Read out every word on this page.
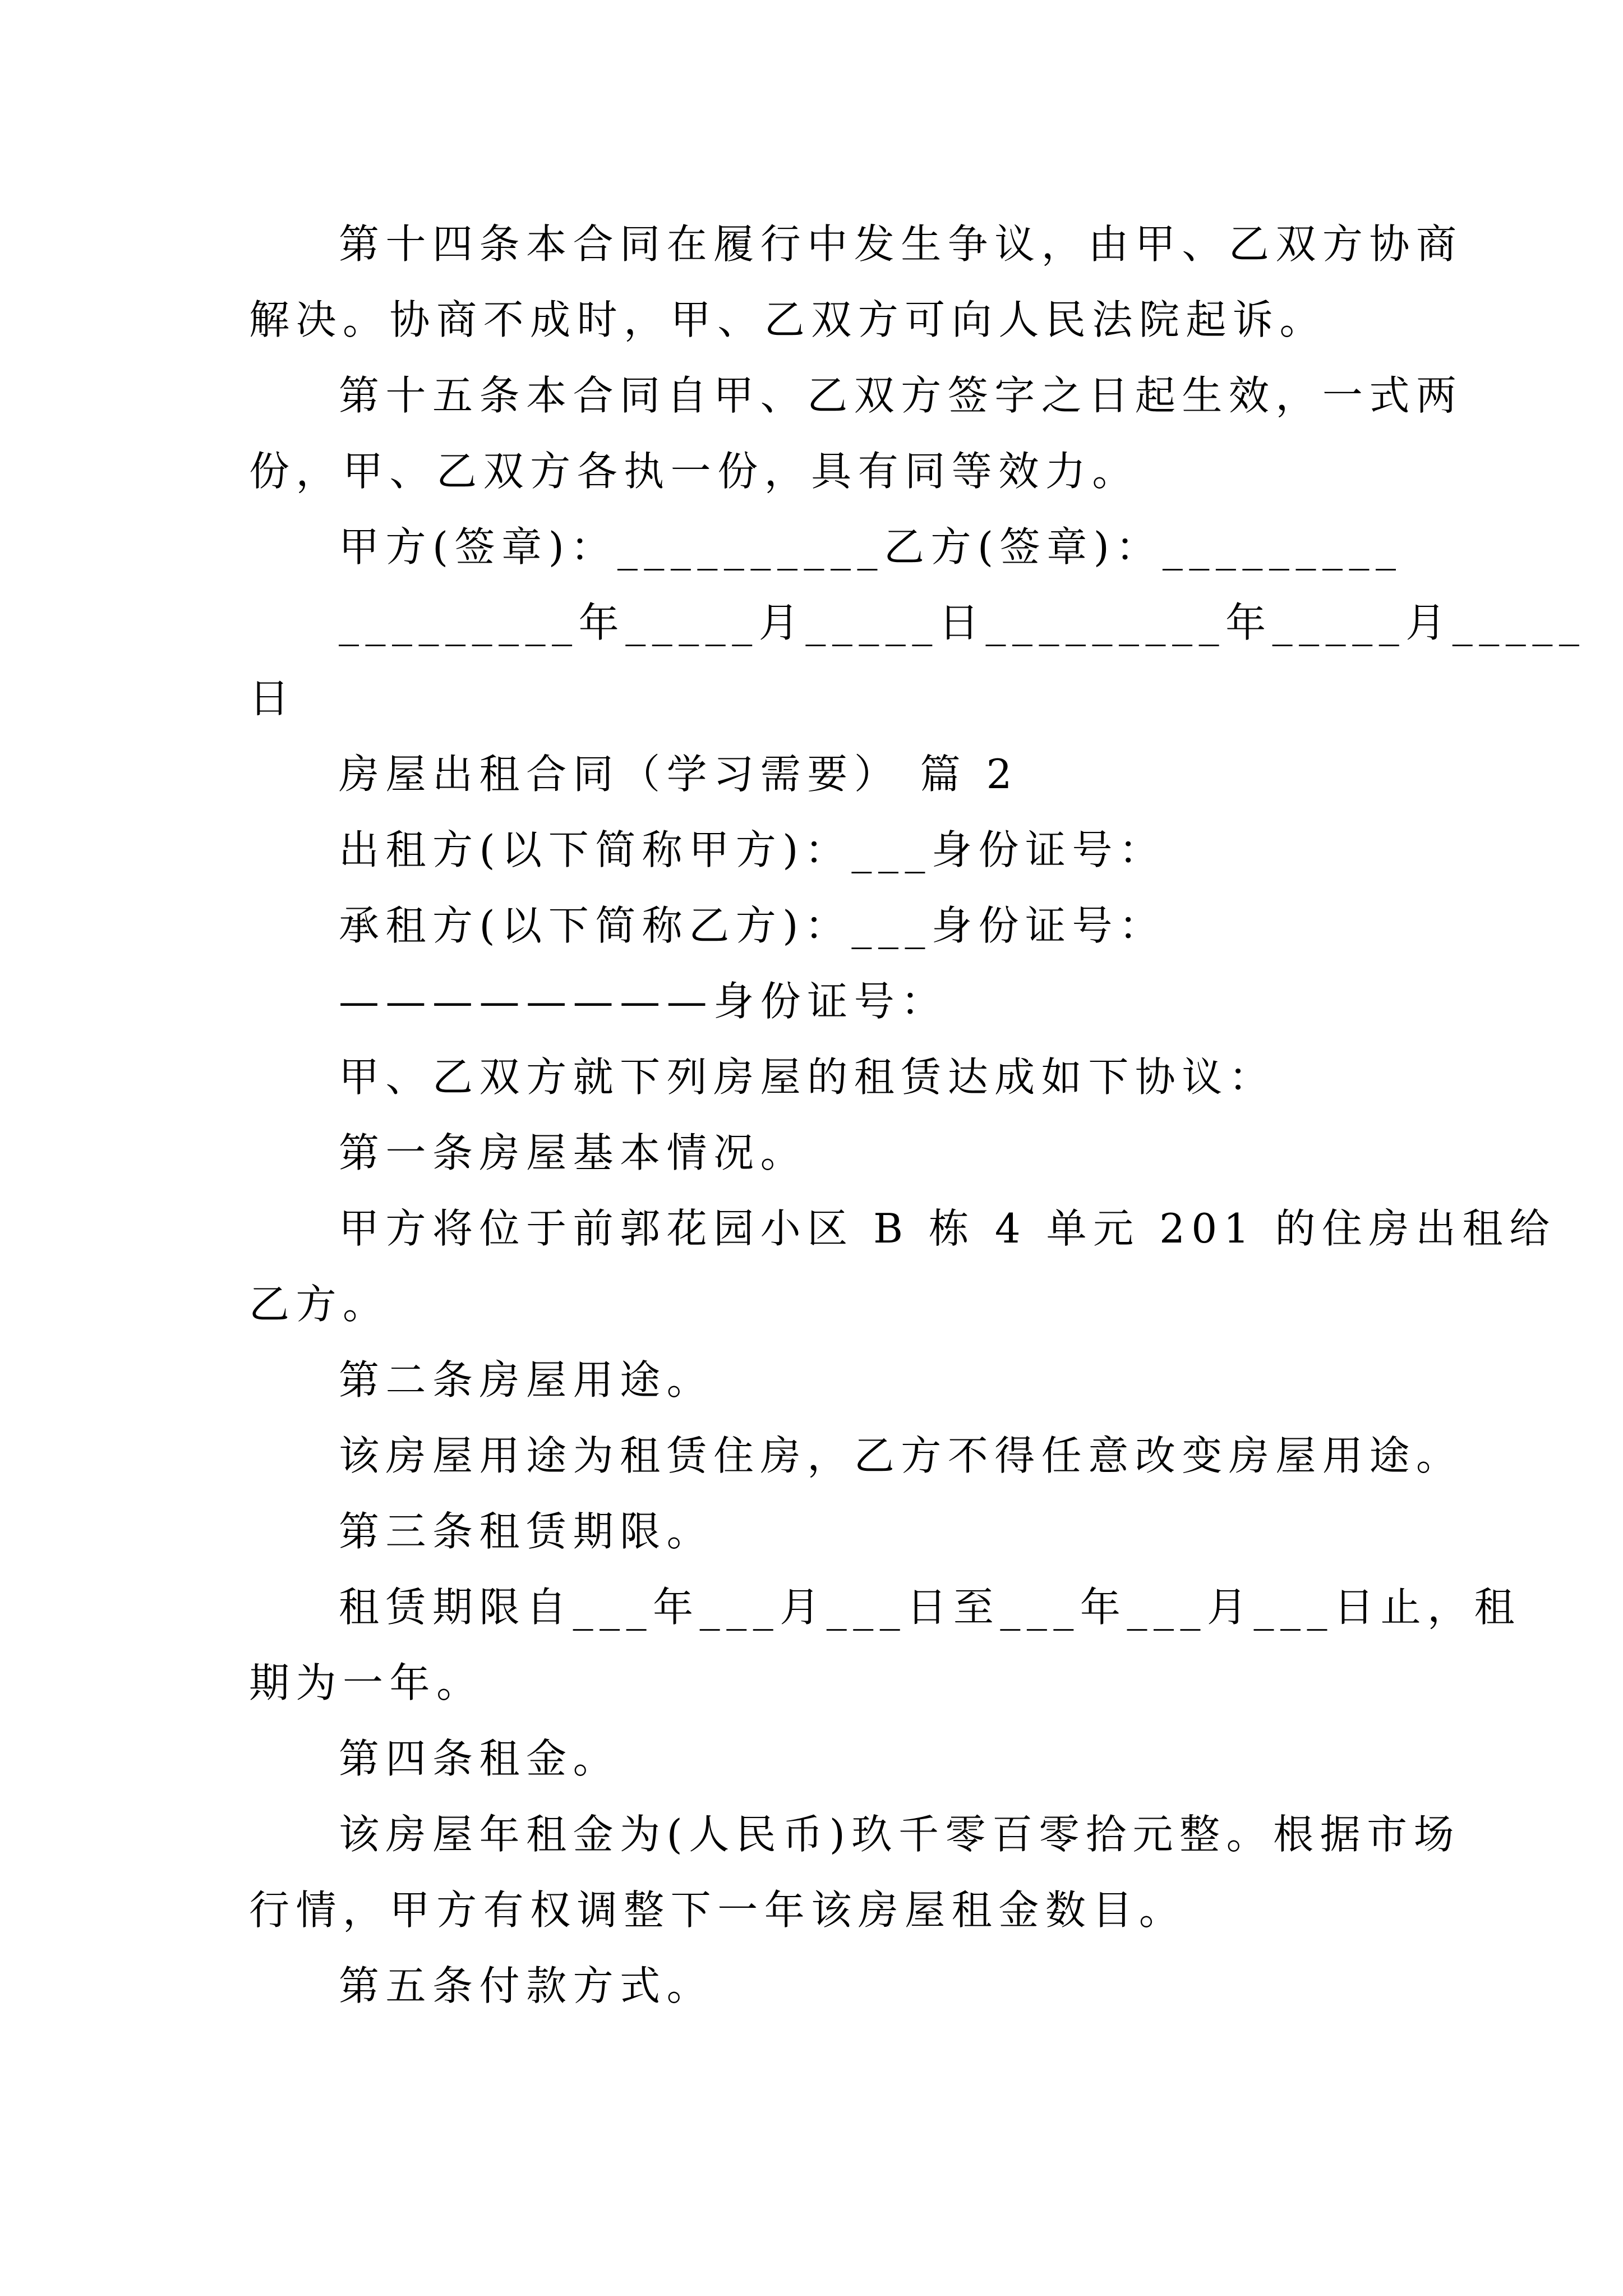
第十四条本合同在履行中发生争议，由甲、乙双方协商
解决。协商不成时，甲、乙双方可向人民法院起诉。
第十五条本合同自甲、乙双方签字之日起生效，一式两
份，甲、乙双方各执一份，具有同等效力。
甲方(签章)：__________乙方(签章)：_________
_________年_____月_____日_________年_____月_____
日
房屋出租合同（学习需要） 篇 2
出租方(以下简称甲方)：___身份证号：
承租方(以下简称乙方)：___身份证号：
————————身份证号：
甲、乙双方就下列房屋的租赁达成如下协议：
第一条房屋基本情况。
甲方将位于前郭花园小区 B 栋 4 单元 201 的住房出租给
乙方。
第二条房屋用途。
该房屋用途为租赁住房，乙方不得任意改变房屋用途。
第三条租赁期限。
租赁期限自___年___月___日至___年___月___日止，租
期为一年。
第四条租金。
该房屋年租金为(人民币)玖千零百零拾元整。根据市场
行情，甲方有权调整下一年该房屋租金数目。
第五条付款方式。
